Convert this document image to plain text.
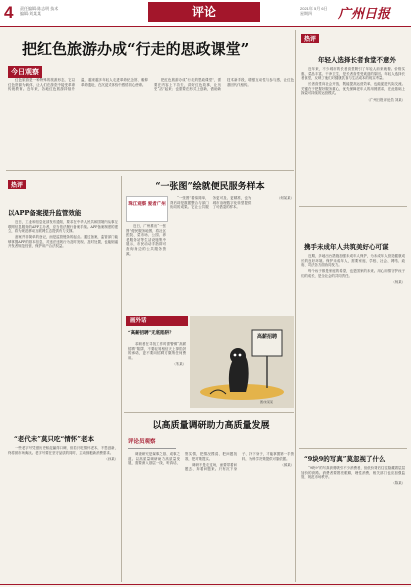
4 责任编辑:陈志明 技术编辑:刘某某	评论	2021年 5月 6日 星期四	广州日报
把红色旅游办成“行走的思政课堂”
今日观察

红色旅游是一种特殊的旅游形态，它以红色资源为载体，让人们在游览中接受革命传统教育。近年来，各地红色旅游持续升温，越来越多年轻人走进革命纪念馆、瞻仰革命遗址，在沉浸式体验中感悟初心使命。

把红色旅游办成“行走的思政课堂”，需要在内容上下功夫，讲好红色故事，让历史“活”起来；也需要在形式上创新，借助新技术新手段，增强互动性与参与感，让红色基因代代相传。

热评
年轻人选择长者食堂不意外

近年来，不少城市的长者食堂吸引了年轻人前来就餐。价格实惠、菜品丰富、干净卫生，是长者食堂受欢迎的原因。年轻人选择长者食堂，反映了他们对健康饮食与生活成本的现实考量。

长者食堂向社会开放，既能提高运营效率，也能促进代际交流。关键在于把握好服务重心，优先保障老年人的用餐需求，在此基础上探索可持续的运营模式。

（广州日报评论员 刘某）

热评
以APP备案提升监管效能

近日，工业和信息化部发布通知，要求在中华人民共和国境内从事互联网信息服务的APP主办者，应当依法履行备案手续。APP备案制度的建立，将为规范移动互联网生态提供有力支撑。

备案并非简单的登记，而是监管链条的起点。通过备案，监管部门能够掌握APP的基本信息，对违法违规行为及时发现、及时处置，也能倒逼开发者规范经营，保护用户合法权益。

“老代未”莫只吃“情怀”老本

一些老字号凭借历史积淀赢得口碑，但若只吃情怀老本，不思创新，终将被市场淘汰。老字号要在坚守品质的同时，主动拥抱新消费需求。

（孙某）

“一张图”绘就便民服务样本
珠江观察 爱者广州

近日，广州推出“一张图”便民服务地图，将社区医院、菜市场、公园、养老服务站等生活设施集中展示，市民动动手指即可查询身边的公共服务资源。

“一张图”看似简单，背后却是数据整合与部门协同的成果。它让公共服务更可及、更精准，也为城市治理数字化转型提供了可借鉴的样本。

（何某某）

画外话
“高薪招聘”无底陷阱？

求职者在寻找工作时需警惕“高薪招聘”陷阱，不要轻易相信天上掉馅饼的承诺，更不要向招聘方缴纳任何费用。

（朱某）

高薪招聘
图/朱某某
以高质量调研助力高质量发展
评论员观察

调查研究是谋事之基、成事之道。以高质量调研助力高质量发展，需要深入基层一线，听真话、察实情，把情况摸清、把问题找准，把对策提实。

调研不是走过场，而要带着问题去、奔着问题来。只有沉下身子、扑下身子，才能掌握第一手资料，为科学决策提供可靠依据。

（薛某）

携手未成年人共筑美好心可谋

近期，多地出台措施加强未成年人保护，为未成年人营造健康成长的良好环境。保护未成年人，需要家庭、学校、社会、网络、政府、司法各方面协同发力。

每个孩子都是家庭的希望，也是国家的未来。用心用情守护孩子们的成长，是全社会的共同责任。

（杨某）

“9块9的写真”莫忽视了什么

“9块9”的写真套餐吸引不少消费者，但低价背后往往隐藏着层层加价的套路。消费者要擦亮眼睛，理性消费，相关部门也应加强监管，规范市场秩序。

（陈某）
